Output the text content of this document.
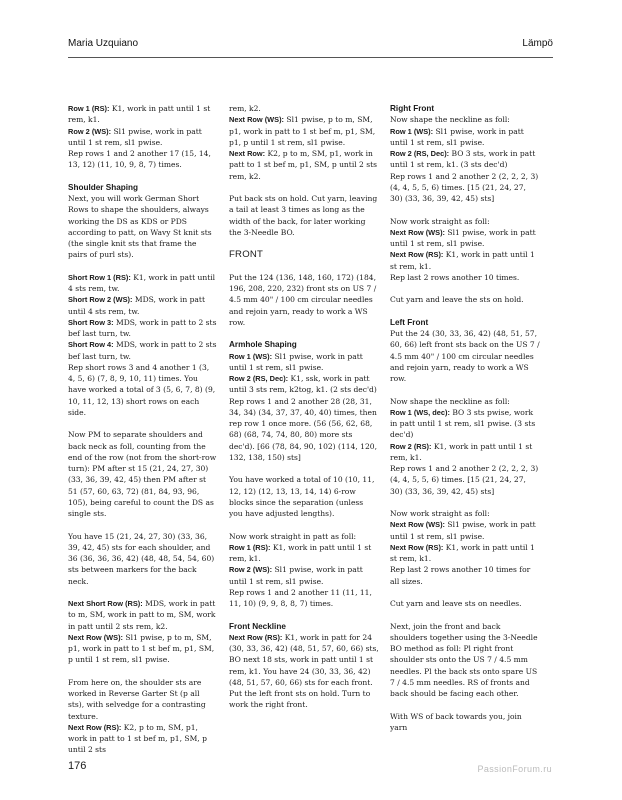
Maria Uzquiano	Lämpö

Row 1 (RS): K1, work in patt until 1 st rem, k1.

Row 2 (WS): Sl1 pwise, work in patt until 1 st rem, sl1 pwise.

Rep rows 1 and 2 another 17 (15, 14, 13, 12) (11, 10, 9, 8, 7) times.

Shoulder Shaping

Next, you will work German Short Rows to shape the shoulders, always working the DS as KDS or PDS according to patt, on Wavy St knit sts (the single knit sts that frame the pairs of purl sts).

Short Row 1 (RS): K1, work in patt until 4 sts rem, tw.

Short Row 2 (WS): MDS, work in patt until 4 sts rem, tw.

Short Row 3: MDS, work in patt to 2 sts bef last turn, tw.

Short Row 4: MDS, work in patt to 2 sts bef last turn, tw.

Rep short rows 3 and 4 another 1 (3, 4, 5, 6) (7, 8, 9, 10, 11) times. You have worked a total of 3 (5, 6, 7, 8) (9, 10, 11, 12, 13) short rows on each side.

Now PM to separate shoulders and back neck as foll, counting from the end of the row (not from the short-row turn): PM after st 15 (21, 24, 27, 30) (33, 36, 39, 42, 45) then PM after st 51 (57, 60, 63, 72) (81, 84, 93, 96, 105), being careful to count the DS as single sts.

You have 15 (21, 24, 27, 30) (33, 36, 39, 42, 45) sts for each shoulder, and 36 (36, 36, 36, 42) (48, 48, 54, 54, 60) sts between markers for the back neck.

Next Short Row (RS): MDS, work in patt to m, SM, work in patt to m, SM, work in patt until 2 sts rem, k2.

Next Row (WS): Sl1 pwise, p to m, SM, p1, work in patt to 1 st bef m, p1, SM, p until 1 st rem, sl1 pwise.

From here on, the shoulder sts are worked in Reverse Garter St (p all sts), with selvedge for a contrasting texture.

Next Row (RS): K2, p to m, SM, p1, work in patt to 1 st bef m, p1, SM, p until 2 sts

rem, k2.

Next Row (WS): Sl1 pwise, p to m, SM, p1, work in patt to 1 st bef m, p1, SM, p1, p until 1 st rem, sl1 pwise.

Next Row: K2, p to m, SM, p1, work in patt to 1 st bef m, p1, SM, p until 2 sts rem, k2.

Put back sts on hold. Cut yarn, leaving a tail at least 3 times as long as the width of the back, for later working the 3-Needle BO.

FRONT

Put the 124 (136, 148, 160, 172) (184, 196, 208, 220, 232) front sts on US 7 / 4.5 mm 40" / 100 cm circular needles and rejoin yarn, ready to work a WS row.

Armhole Shaping

Row 1 (WS): Sl1 pwise, work in patt until 1 st rem, sl1 pwise.

Row 2 (RS, Dec): K1, ssk, work in patt until 3 sts rem, k2tog, k1. (2 sts dec'd)

Rep rows 1 and 2 another 28 (28, 31, 34, 34) (34, 37, 37, 40, 40) times, then rep row 1 once more. (56 (56, 62, 68, 68) (68, 74, 74, 80, 80) more sts dec'd). [66 (78, 84, 90, 102) (114, 120, 132, 138, 150) sts]

You have worked a total of 10 (10, 11, 12, 12) (12, 13, 13, 14, 14) 6-row blocks since the separation (unless you have adjusted lengths).

Now work straight in patt as foll:

Row 1 (RS): K1, work in patt until 1 st rem, k1.

Row 2 (WS): Sl1 pwise, work in patt until 1 st rem, sl1 pwise.

Rep rows 1 and 2 another 11 (11, 11, 11, 10) (9, 9, 8, 8, 7) times.

Front Neckline

Next Row (RS): K1, work in patt for 24 (30, 33, 36, 42) (48, 51, 57, 60, 66) sts, BO next 18 sts, work in patt until 1 st rem, k1. You have 24 (30, 33, 36, 42) (48, 51, 57, 60, 66) sts for each front. Put the left front sts on hold. Turn to work the right front.

Right Front

Now shape the neckline as foll:

Row 1 (WS): Sl1 pwise, work in patt until 1 st rem, sl1 pwise.

Row 2 (RS, Dec): BO 3 sts, work in patt until 1 st rem, k1. (3 sts dec'd)

Rep rows 1 and 2 another 2 (2, 2, 2, 3) (4, 4, 5, 5, 6) times. [15 (21, 24, 27, 30) (33, 36, 39, 42, 45) sts]

Now work straight as foll:

Next Row (WS): Sl1 pwise, work in patt until 1 st rem, sl1 pwise.

Next Row (RS): K1, work in patt until 1 st rem, k1.

Rep last 2 rows another 10 times.

Cut yarn and leave the sts on hold.

Left Front

Put the 24 (30, 33, 36, 42) (48, 51, 57, 60, 66) left front sts back on the US 7 / 4.5 mm 40" / 100 cm circular needles and rejoin yarn, ready to work a WS row.

Now shape the neckline as foll:

Row 1 (WS, dec): BO 3 sts pwise, work in patt until 1 st rem, sl1 pwise. (3 sts dec'd)

Row 2 (RS): K1, work in patt until 1 st rem, k1.

Rep rows 1 and 2 another 2 (2, 2, 2, 3) (4, 4, 5, 5, 6) times. [15 (21, 24, 27, 30) (33, 36, 39, 42, 45) sts]

Now work straight as foll:

Next Row (WS): Sl1 pwise, work in patt until 1 st rem, sl1 pwise.

Next Row (RS): K1, work in patt until 1 st rem, k1.

Rep last 2 rows another 10 times for all sizes.

Cut yarn and leave sts on needles.

Next, join the front and back shoulders together using the 3-Needle BO method as foll: Pl right front shoulder sts onto the US 7 / 4.5 mm needles. Pl the back sts onto spare US 7 / 4.5 mm needles. RS of fronts and back should be facing each other.

With WS of back towards you, join yarn

176	PassionForum.ru
